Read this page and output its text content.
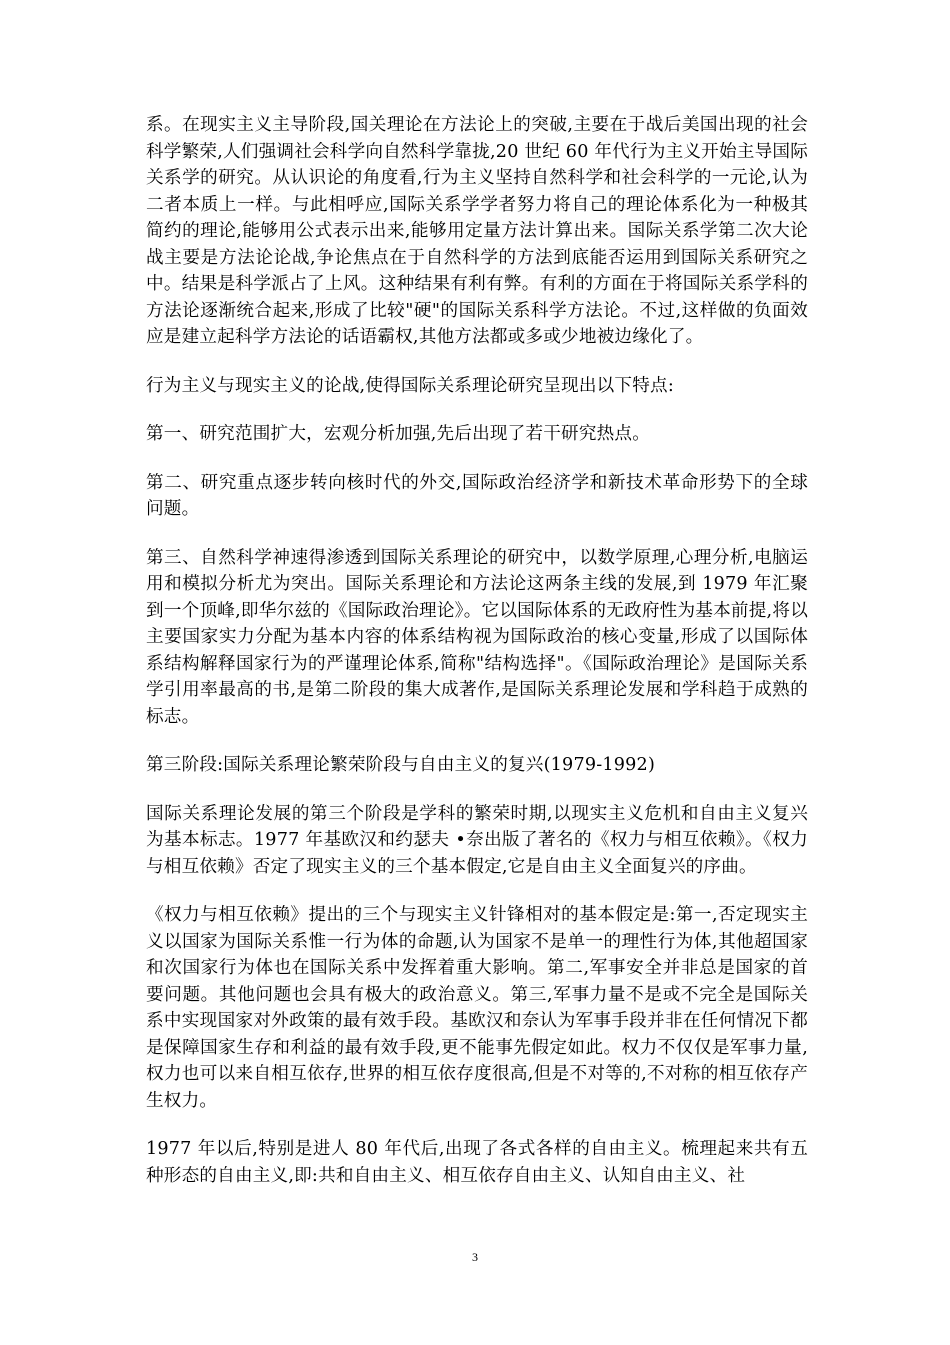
系。在现实主义主导阶段,国关理论在方法论上的突破,主要在于战后美国出现的社会科学繁荣,人们强调社会科学向自然科学靠拢,20 世纪 60 年代行为主义开始主导国际关系学的研究。从认识论的角度看,行为主义坚持自然科学和社会科学的一元论,认为二者本质上一样。与此相呼应,国际关系学学者努力将自己的理论体系化为一种极其简约的理论,能够用公式表示出来,能够用定量方法计算出来。国际关系学第二次大论战主要是方法论论战,争论焦点在于自然科学的方法到底能否运用到国际关系研究之中。结果是科学派占了上风。这种结果有利有弊。有利的方面在于将国际关系学科的方法论逐渐统合起来,形成了比较"硬"的国际关系科学方法论。不过,这样做的负面效应是建立起科学方法论的话语霸权,其他方法都或多或少地被边缘化了。

行为主义与现实主义的论战,使得国际关系理论研究呈现出以下特点:

第一、研究范围扩大，宏观分析加强,先后出现了若干研究热点。

第二、研究重点逐步转向核时代的外交,国际政治经济学和新技术革命形势下的全球问题。

第三、自然科学神速得渗透到国际关系理论的研究中，以数学原理,心理分析,电脑运用和模拟分析尤为突出。国际关系理论和方法论这两条主线的发展,到 1979 年汇聚到一个顶峰,即华尔兹的《国际政治理论》。它以国际体系的无政府性为基本前提,将以主要国家实力分配为基本内容的体系结构视为国际政治的核心变量,形成了以国际体系结构解释国家行为的严谨理论体系,简称"结构选择"。《国际政治理论》是国际关系学引用率最高的书,是第二阶段的集大成著作,是国际关系理论发展和学科趋于成熟的标志。

第三阶段:国际关系理论繁荣阶段与自由主义的复兴(1979-1992)

国际关系理论发展的第三个阶段是学科的繁荣时期,以现实主义危机和自由主义复兴为基本标志。1977 年基欧汉和约瑟夫 •奈出版了著名的《权力与相互依赖》。《权力与相互依赖》否定了现实主义的三个基本假定,它是自由主义全面复兴的序曲。

《权力与相互依赖》提出的三个与现实主义针锋相对的基本假定是:第一,否定现实主义以国家为国际关系惟一行为体的命题,认为国家不是单一的理性行为体,其他超国家和次国家行为体也在国际关系中发挥着重大影响。第二,军事安全并非总是国家的首要问题。其他问题也会具有极大的政治意义。第三,军事力量不是或不完全是国际关系中实现国家对外政策的最有效手段。基欧汉和奈认为军事手段并非在任何情况下都是保障国家生存和利益的最有效手段,更不能事先假定如此。权力不仅仅是军事力量,权力也可以来自相互依存,世界的相互依存度很高,但是不对等的,不对称的相互依存产生权力。

1977 年以后,特别是进人 80 年代后,出现了各式各样的自由主义。梳理起来共有五种形态的自由主义,即:共和自由主义、相互依存自由主义、认知自由主义、社

3
